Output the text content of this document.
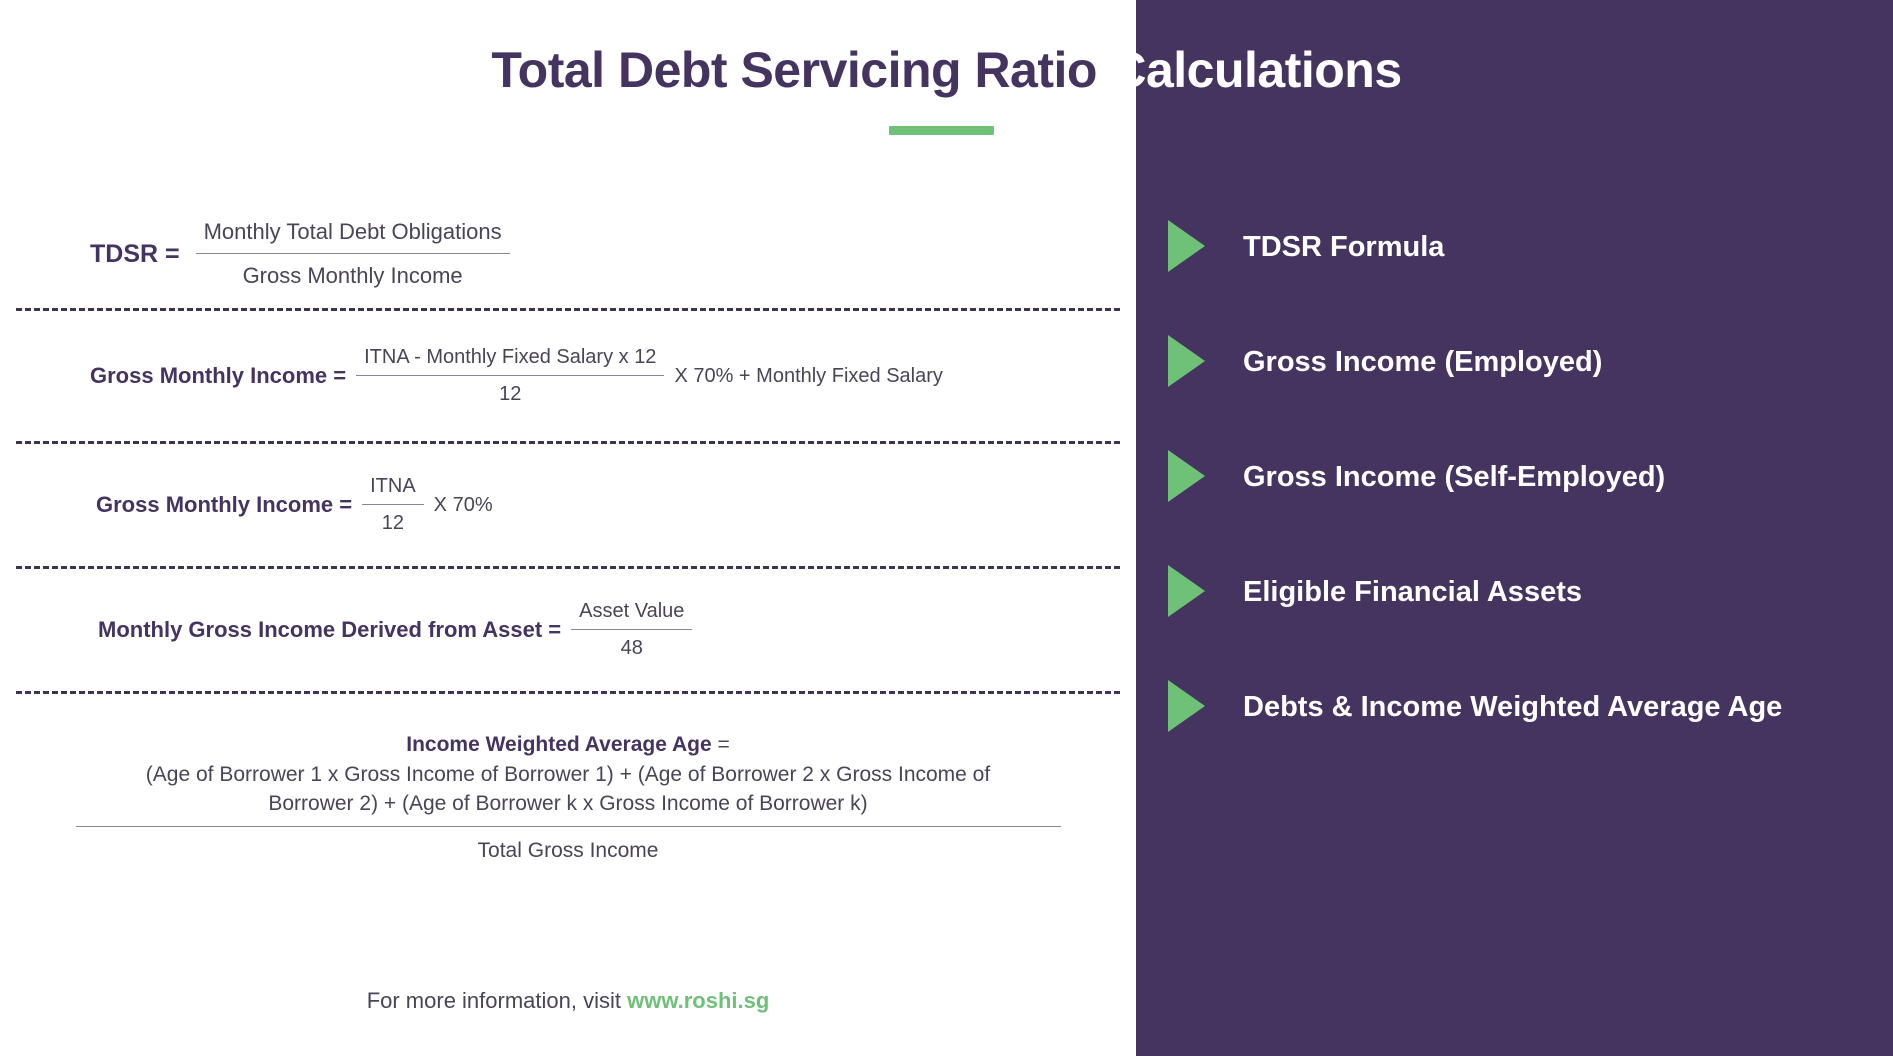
TDSR = $\frac{\text{Monthly Total Debt Obligations}}{\text{Gross Monthly Income}}$
Gross Monthly Income = $\frac{\text{ITNA - Monthly Fixed Salary x 12}}{12}$ X 70% + Monthly Fixed Salary
Gross Monthly Income = $\frac{\text{ITNA}}{12}$ X 70%
Monthly Gross Income Derived from Asset = $\frac{\text{Asset Value}}{48}$
Income Weighted Average Age =
(Age of Borrower 1 x Gross Income of Borrower 1) + (Age of Borrower 2 x Gross Income of Borrower 2) + (Age of Borrower k x Gross Income of Borrower k)
Total Gross Income
For more information, visit www.roshi.sg
TDSR Formula
Gross Income (Employed)
Gross Income (Self-Employed)
Eligible Financial Assets
Debts & Income Weighted Average Age
Total Debt Servicing Ratio Calculations
